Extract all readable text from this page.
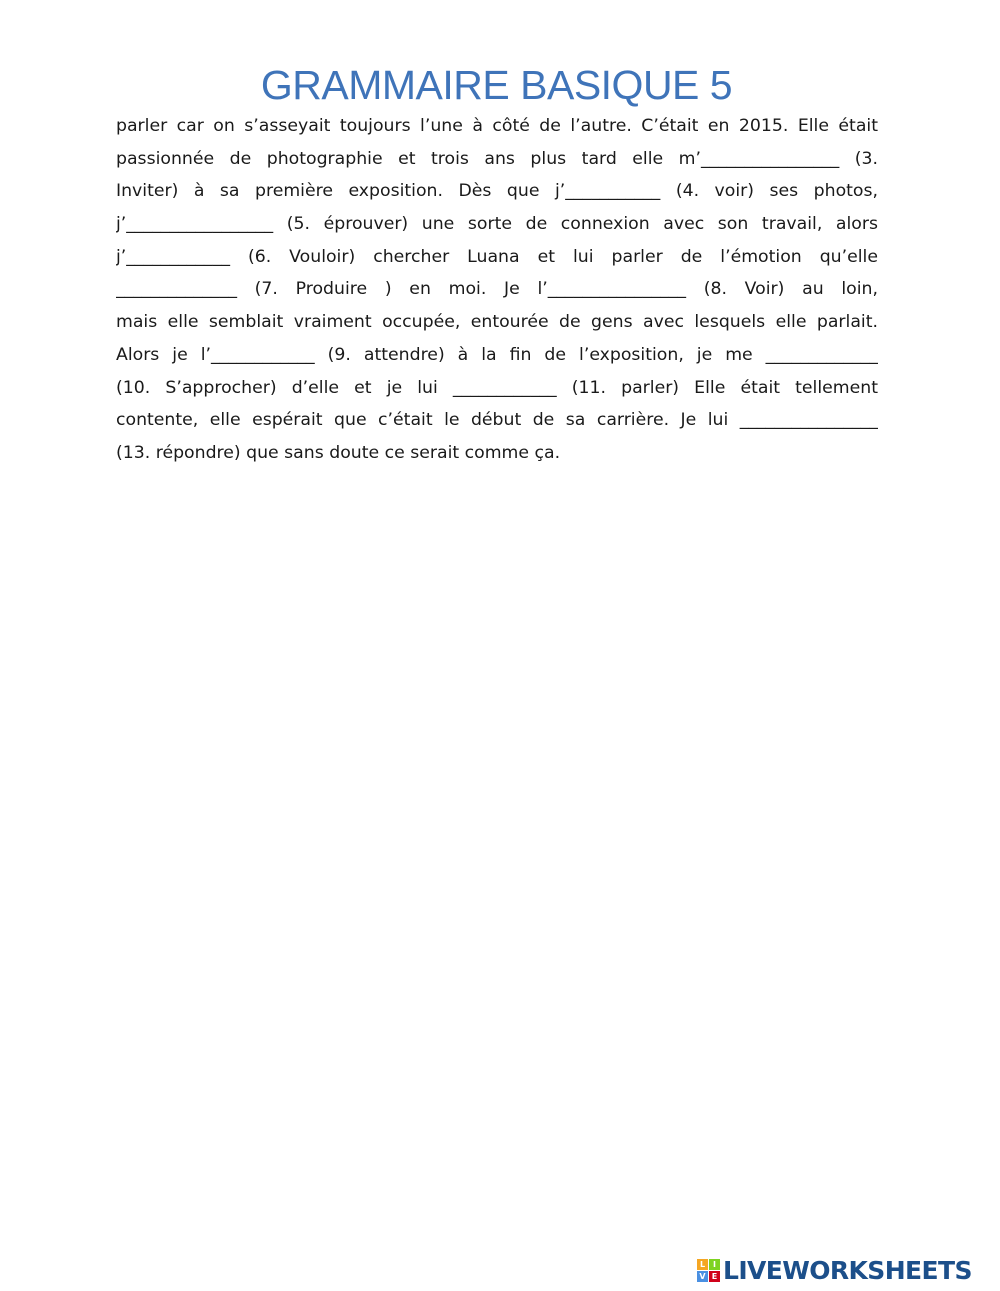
GRAMMAIRE BASIQUE 5
parler car on s’asseyait toujours l’une à côté de l’autre. C’était en 2015. Elle était
passionnée de photographie et trois ans plus tard elle m’________________ (3.
Inviter) à sa première exposition. Dès que j’___________ (4. voir) ses photos,
j’_________________ (5. éprouver) une sorte de connexion avec son travail, alors
j’____________ (6. Vouloir) chercher Luana et lui parler de l’émotion qu’elle
______________ (7. Produire ) en moi. Je l’________________ (8. Voir) au loin,
mais elle semblait vraiment occupée, entourée de gens avec lesquels elle parlait.
Alors je l’____________ (9. attendre) à la fin de l’exposition, je me _____________
(10. S’approcher) d’elle et je lui ____________ (11. parler) Elle était tellement
contente, elle espérait que c’était le début de sa carrière. Je lui ________________
(13. répondre) que sans doute ce serait comme ça.
L I
V E LIVEWORKSHEETS
